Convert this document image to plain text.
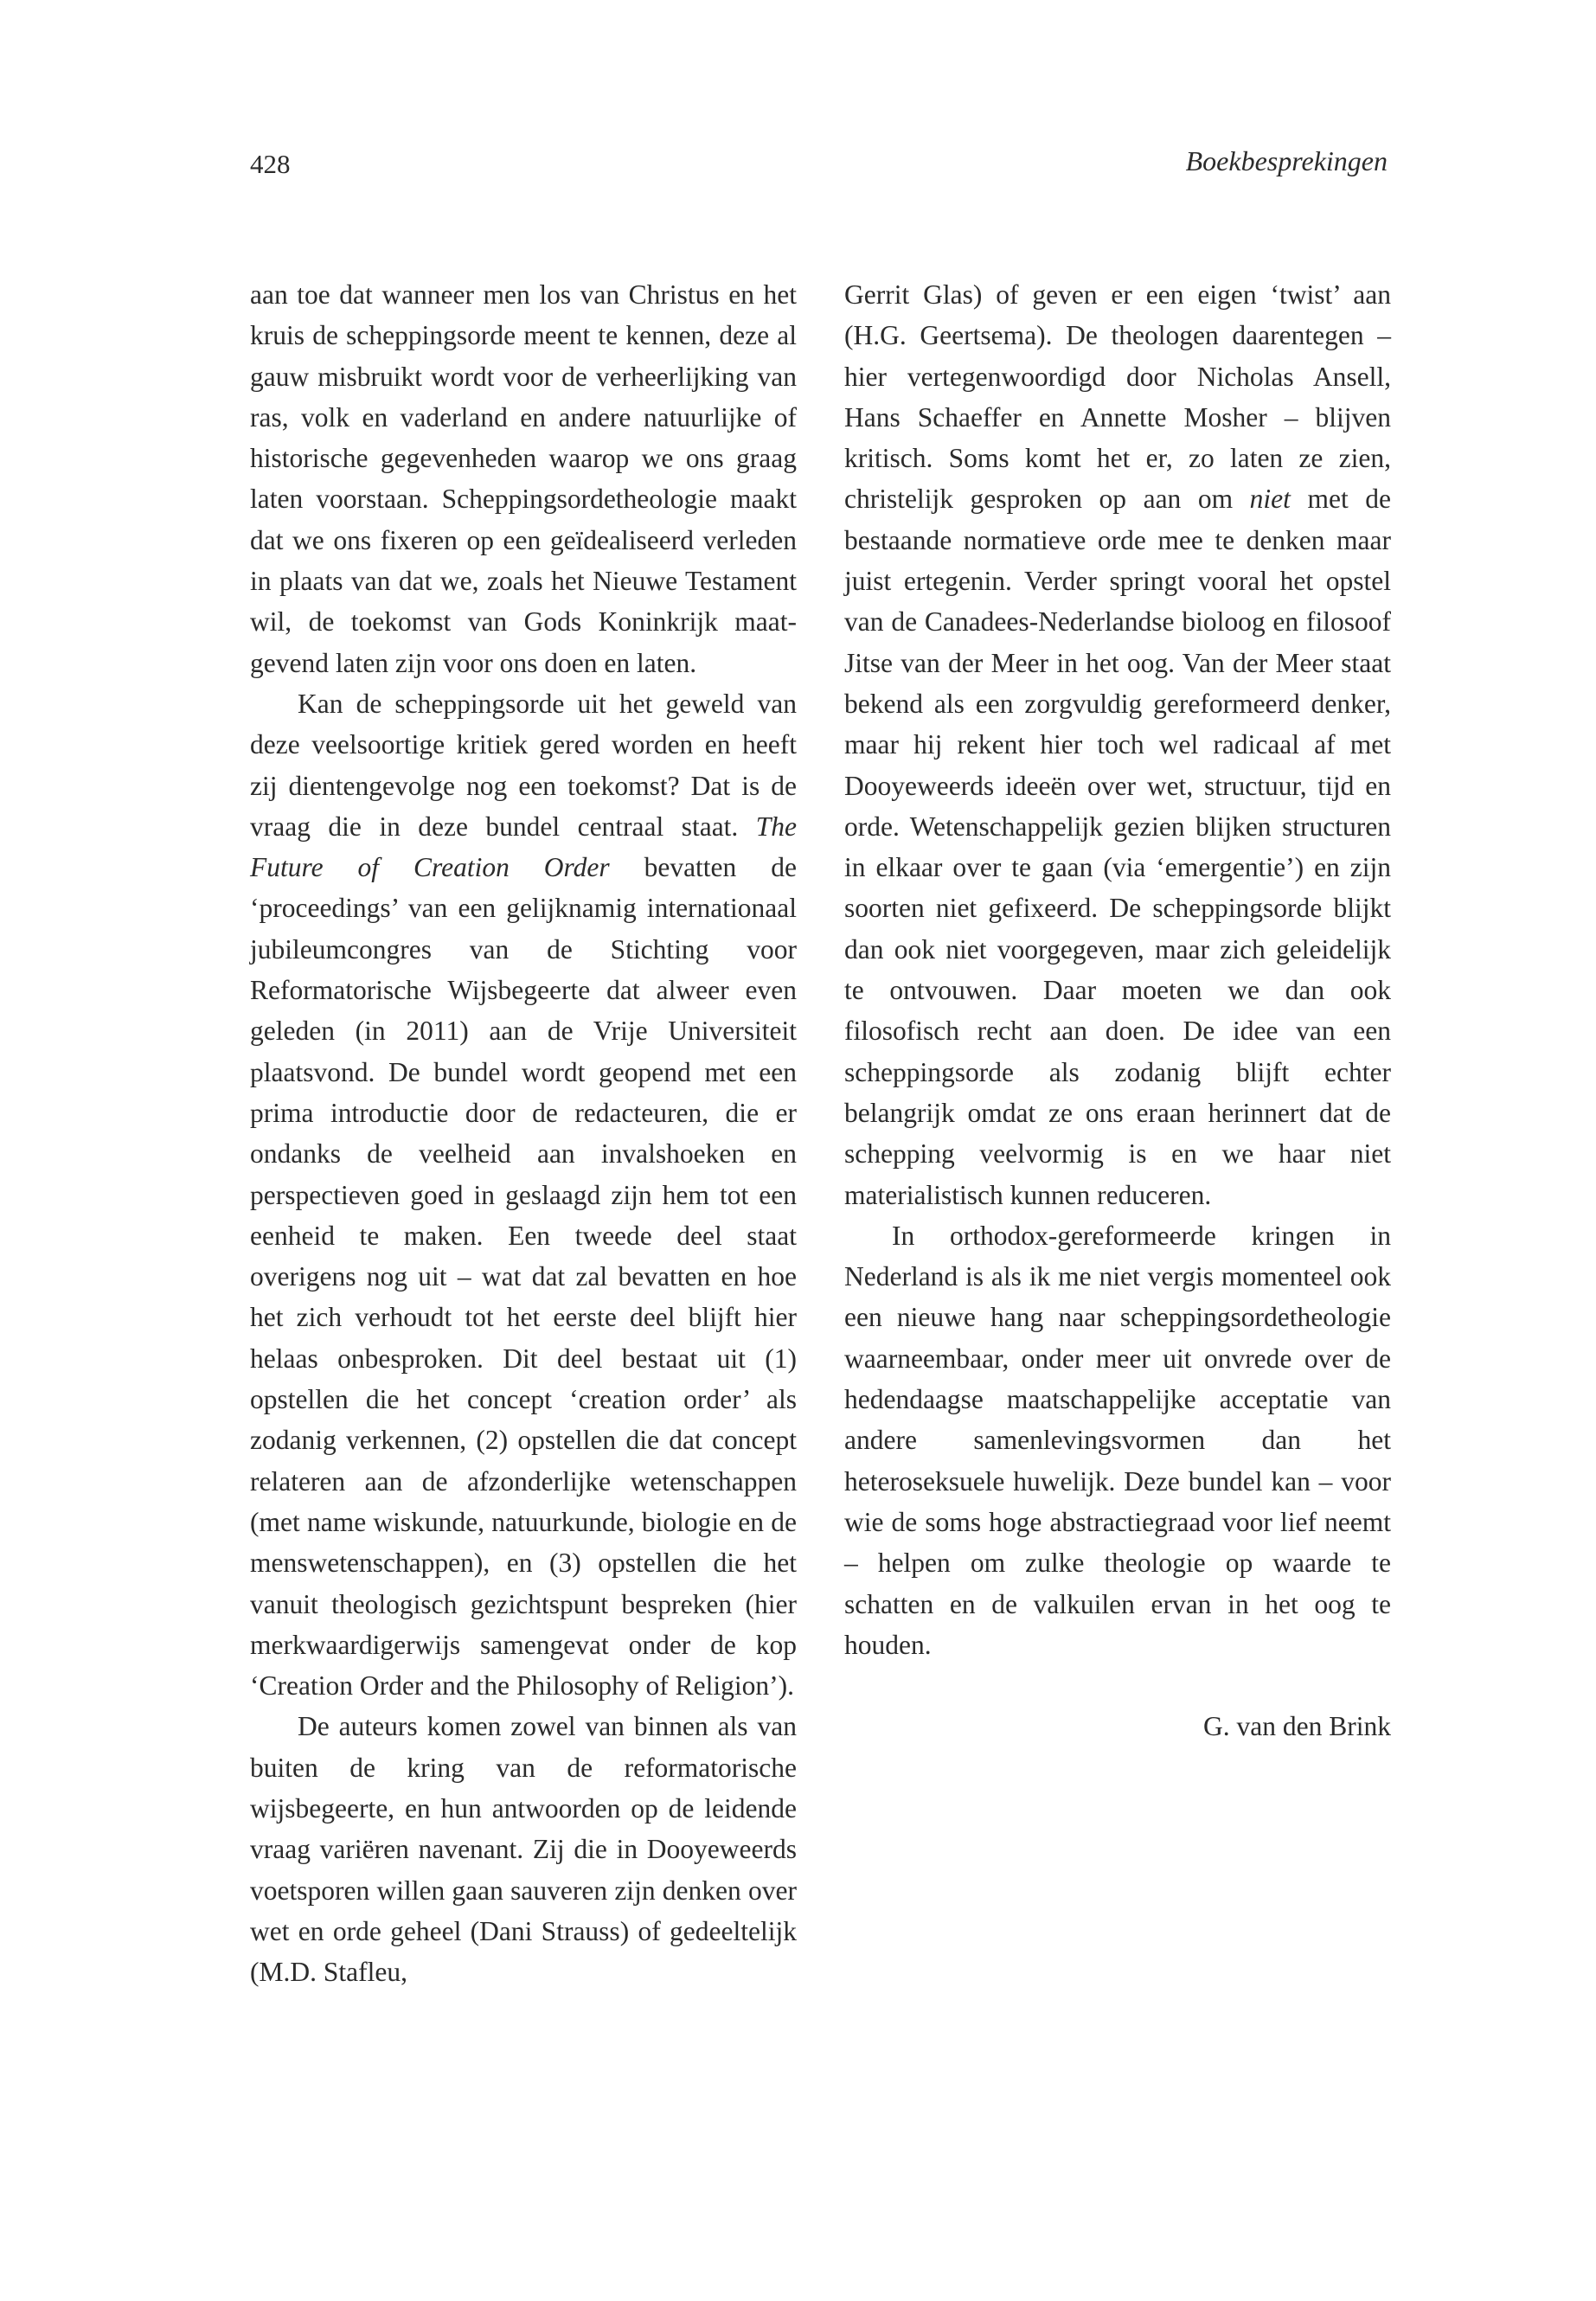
428	Boekbesprekingen

aan toe dat wanneer men los van Christus en het kruis de scheppingsorde meent te kennen, deze al gauw misbruikt wordt voor de verheerlijking van ras, volk en vaderland en andere natuurlijke of historische gegevenheden waarop we ons graag laten voorstaan. Scheppingsordetheologie maakt dat we ons fixeren op een geïdealiseerd verleden in plaats van dat we, zoals het Nieuwe Testament wil, de toekomst van Gods Koninkrijk maatgevend laten zijn voor ons doen en laten.

Kan de scheppingsorde uit het geweld van deze veelsoortige kritiek gered worden en heeft zij dientengevolge nog een toekomst? Dat is de vraag die in deze bundel centraal staat. The Future of Creation Order bevatten de ‘proceedings’ van een gelijknamig internationaal jubileumcongres van de Stichting voor Reformatorische Wijsbegeerte dat alweer even geleden (in 2011) aan de Vrije Universiteit plaatsvond. De bundel wordt geopend met een prima introductie door de redacteuren, die er ondanks de veelheid aan invalshoeken en perspectieven goed in geslaagd zijn hem tot een eenheid te maken. Een tweede deel staat overigens nog uit – wat dat zal bevatten en hoe het zich verhoudt tot het eerste deel blijft hier helaas onbesproken. Dit deel bestaat uit (1) opstellen die het concept ‘creation order’ als zodanig verkennen, (2) opstellen die dat concept relateren aan de afzonderlijke wetenschappen (met name wiskunde, natuurkunde, biologie en de menswetenschappen), en (3) opstellen die het vanuit theologisch gezichtspunt bespreken (hier merkwaardigerwijs samengevat onder de kop ‘Creation Order and the Philosophy of Religion’).

De auteurs komen zowel van binnen als van buiten de kring van de reformatorische wijsbegeerte, en hun antwoorden op de leidende vraag variëren navenant. Zij die in Dooyeweerds voetsporen willen gaan sauveren zijn denken over wet en orde geheel (Dani Strauss) of gedeeltelijk (M.D. Stafleu,

Gerrit Glas) of geven er een eigen ‘twist’ aan (H.G. Geertsema). De theologen daarentegen – hier vertegenwoordigd door Nicholas Ansell, Hans Schaeffer en Annette Mosher – blijven kritisch. Soms komt het er, zo laten ze zien, christelijk gesproken op aan om niet met de bestaande normatieve orde mee te denken maar juist ertegenin. Verder springt vooral het opstel van de Canadees-Nederlandse bioloog en filosoof Jitse van der Meer in het oog. Van der Meer staat bekend als een zorgvuldig gereformeerd denker, maar hij rekent hier toch wel radicaal af met Dooyeweerds ideeën over wet, structuur, tijd en orde. Wetenschappelijk gezien blijken structuren in elkaar over te gaan (via ‘emergentie’) en zijn soorten niet gefixeerd. De scheppingsorde blijkt dan ook niet voorgegeven, maar zich geleidelijk te ontvouwen. Daar moeten we dan ook filosofisch recht aan doen. De idee van een scheppingsorde als zodanig blijft echter belangrijk omdat ze ons eraan herinnert dat de schepping veelvormig is en we haar niet materialistisch kunnen reduceren.

In orthodox-gereformeerde kringen in Nederland is als ik me niet vergis momenteel ook een nieuwe hang naar scheppingsordetheologie waarneembaar, onder meer uit onvrede over de hedendaagse maatschappelijke acceptatie van andere samenlevingsvormen dan het heteroseksuele huwelijk. Deze bundel kan – voor wie de soms hoge abstractiegraad voor lief neemt – helpen om zulke theologie op waarde te schatten en de valkuilen ervan in het oog te houden.

G. van den Brink
